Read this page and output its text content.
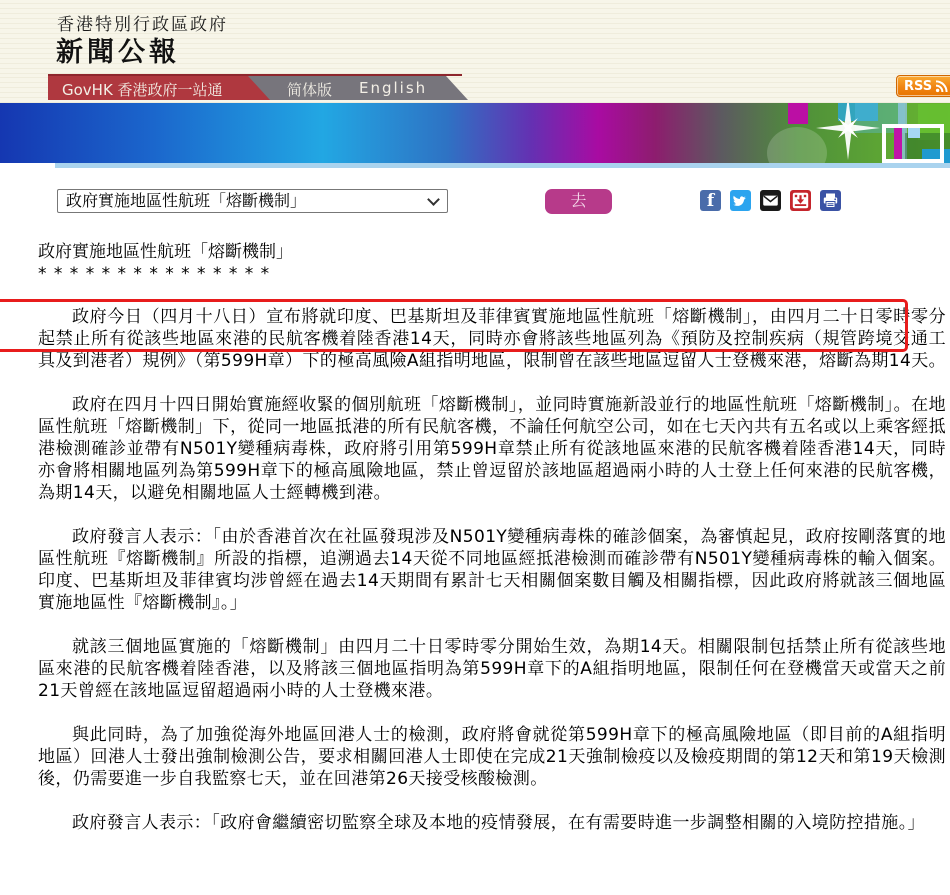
香港特別行政區政府
新聞公報
GovHK 香港政府一站通	简体版 English	RSS
政府實施地區性航班「熔斷機制」	去	f
政府實施地區性航班「熔斷機制」
* * * * * * * * * * * * * * *

政府今日（四月十八日）宣布將就印度、巴基斯坦及菲律賓實施地區性航班「熔斷機制」，由四月二十日零時零分起禁止所有從該些地區來港的民航客機着陸香港14天，同時亦會將該些地區列為《預防及控制疾病（規管跨境交通工具及到港者）規例》（第599H章）下的極高風險A組指明地區，限制曾在該些地區逗留人士登機來港，熔斷為期14天。

政府在四月十四日開始實施經收緊的個別航班「熔斷機制」，並同時實施新設並行的地區性航班「熔斷機制」。在地區性航班「熔斷機制」下，從同一地區抵港的所有民航客機，不論任何航空公司，如在七天內共有五名或以上乘客經抵港檢測確診並帶有N501Y變種病毒株，政府將引用第599H章禁止所有從該地區來港的民航客機着陸香港14天，同時亦會將相關地區列為第599H章下的極高風險地區，禁止曾逗留於該地區超過兩小時的人士登上任何來港的民航客機，為期14天，以避免相關地區人士經轉機到港。

政府發言人表示：「由於香港首次在社區發現涉及N501Y變種病毒株的確診個案，為審慎起見，政府按剛落實的地區性航班『熔斷機制』所設的指標，追溯過去14天從不同地區經抵港檢測而確診帶有N501Y變種病毒株的輸入個案。印度、巴基斯坦及菲律賓均涉曾經在過去14天期間有累計七天相關個案數目觸及相關指標，因此政府將就該三個地區實施地區性『熔斷機制』。」

就該三個地區實施的「熔斷機制」由四月二十日零時零分開始生效，為期14天。相關限制包括禁止所有從該些地區來港的民航客機着陸香港，以及將該三個地區指明為第599H章下的A組指明地區，限制任何在登機當天或當天之前21天曾經在該地區逗留超過兩小時的人士登機來港。

與此同時，為了加強從海外地區回港人士的檢測，政府將會就從第599H章下的極高風險地區（即目前的A組指明地區）回港人士發出強制檢測公告，要求相關回港人士即使在完成21天強制檢疫以及檢疫期間的第12天和第19天檢測後，仍需要進一步自我監察七天，並在回港第26天接受核酸檢測。

政府發言人表示：「政府會繼續密切監察全球及本地的疫情發展，在有需要時進一步調整相關的入境防控措施。」
